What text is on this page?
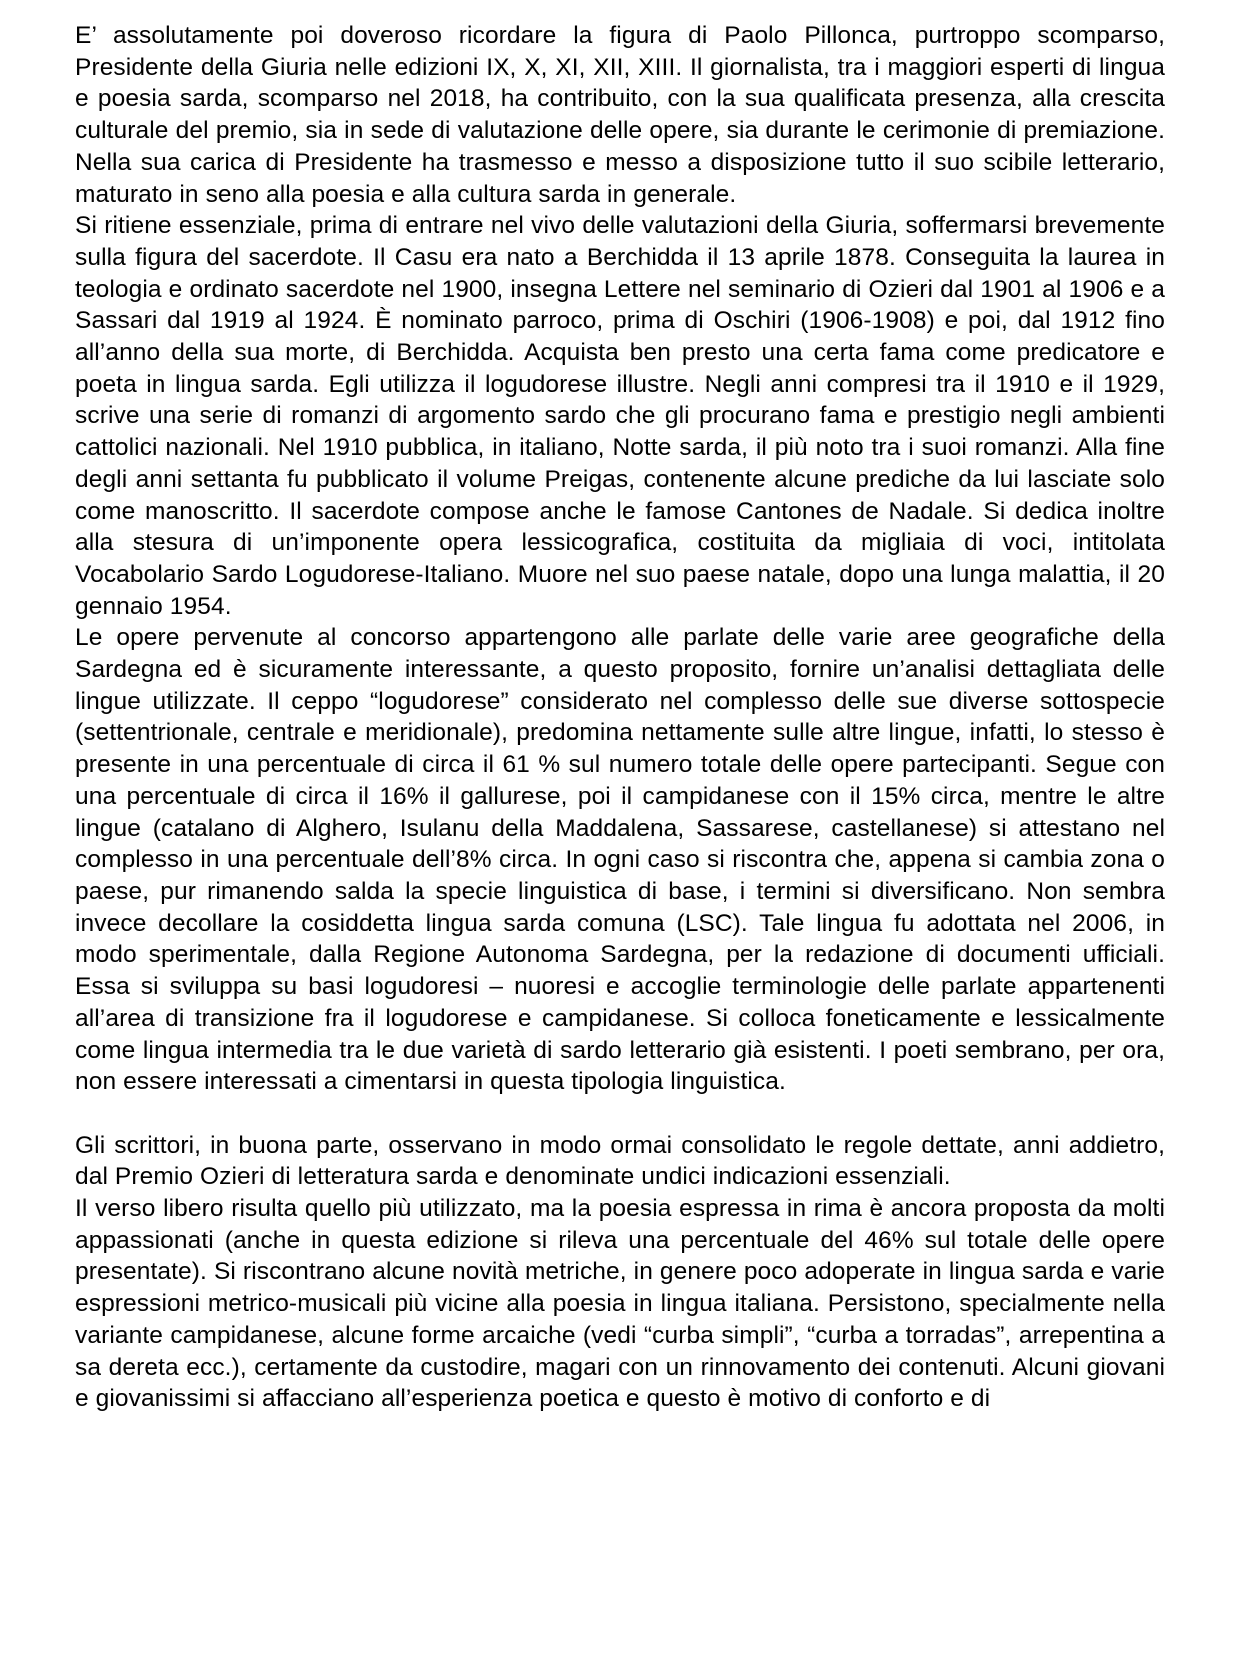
E’ assolutamente poi doveroso ricordare la figura di Paolo Pillonca, purtroppo scomparso, Presidente della Giuria nelle edizioni IX, X, XI, XII, XIII. Il giornalista, tra i maggiori esperti di lingua e poesia sarda, scomparso nel 2018, ha contribuito, con la sua qualificata presenza, alla crescita culturale del premio, sia in sede di valutazione delle opere, sia durante le cerimonie di premiazione. Nella sua carica di Presidente ha trasmesso e messo a disposizione tutto il suo scibile letterario, maturato in seno alla poesia e alla cultura sarda in generale.

Si ritiene essenziale, prima di entrare nel vivo delle valutazioni della Giuria, soffermarsi brevemente sulla figura del sacerdote. Il Casu era nato a Berchidda il 13 aprile 1878. Conseguita la laurea in teologia e ordinato sacerdote nel 1900, insegna Lettere nel seminario di Ozieri dal 1901 al 1906 e a Sassari dal 1919 al 1924. È nominato parroco, prima di Oschiri (1906-1908) e poi, dal 1912 fino all’anno della sua morte, di Berchidda. Acquista ben presto una certa fama come predicatore e poeta in lingua sarda. Egli utilizza il logudorese illustre. Negli anni compresi tra il 1910 e il 1929, scrive una serie di romanzi di argomento sardo che gli procurano fama e prestigio negli ambienti cattolici nazionali. Nel 1910 pubblica, in italiano, Notte sarda, il più noto tra i suoi romanzi. Alla fine degli anni settanta fu pubblicato il volume Preigas, contenente alcune prediche da lui lasciate solo come manoscritto. Il sacerdote compose anche le famose Cantones de Nadale. Si dedica inoltre alla stesura di un’imponente opera lessicografica, costituita da migliaia di voci, intitolata Vocabolario Sardo Logudorese-Italiano. Muore nel suo paese natale, dopo una lunga malattia, il 20 gennaio 1954.

Le opere pervenute al concorso appartengono alle parlate delle varie aree geografiche della Sardegna ed è sicuramente interessante, a questo proposito, fornire un’analisi dettagliata delle lingue utilizzate. Il ceppo “logudorese” considerato nel complesso delle sue diverse sottospecie (settentrionale, centrale e meridionale), predomina nettamente sulle altre lingue, infatti, lo stesso è presente in una percentuale di circa il 61 % sul numero totale delle opere partecipanti. Segue con una percentuale di circa il 16% il gallurese, poi il campidanese con il 15% circa, mentre le altre lingue (catalano di Alghero, Isulanu della Maddalena, Sassarese, castellanese) si attestano nel complesso in una percentuale dell’8% circa. In ogni caso si riscontra che, appena si cambia zona o paese, pur rimanendo salda la specie linguistica di base, i termini si diversificano. Non sembra invece decollare la cosiddetta lingua sarda comuna (LSC). Tale lingua fu adottata nel 2006, in modo sperimentale, dalla Regione Autonoma Sardegna, per la redazione di documenti ufficiali. Essa si sviluppa su basi logudoresi – nuoresi e accoglie terminologie delle parlate appartenenti all’area di transizione fra il logudorese e campidanese. Si colloca foneticamente e lessicalmente come lingua intermedia tra le due varietà di sardo letterario già esistenti. I poeti sembrano, per ora, non essere interessati a cimentarsi in questa tipologia linguistica.

Gli scrittori, in buona parte, osservano in modo ormai consolidato le regole dettate, anni addietro, dal Premio Ozieri di letteratura sarda e denominate undici indicazioni essenziali.

Il verso libero risulta quello più utilizzato, ma la poesia espressa in rima è ancora proposta da molti appassionati (anche in questa edizione si rileva una percentuale del 46% sul totale delle opere presentate). Si riscontrano alcune novità metriche, in genere poco adoperate in lingua sarda e varie espressioni metrico-musicali più vicine alla poesia in lingua italiana. Persistono, specialmente nella variante campidanese, alcune forme arcaiche (vedi “curba simpli”, “curba a torradas”, arrepentina a sa dereta ecc.), certamente da custodire, magari con un rinnovamento dei contenuti. Alcuni giovani e giovanissimi si affacciano all’esperienza poetica e questo è motivo di conforto e di
